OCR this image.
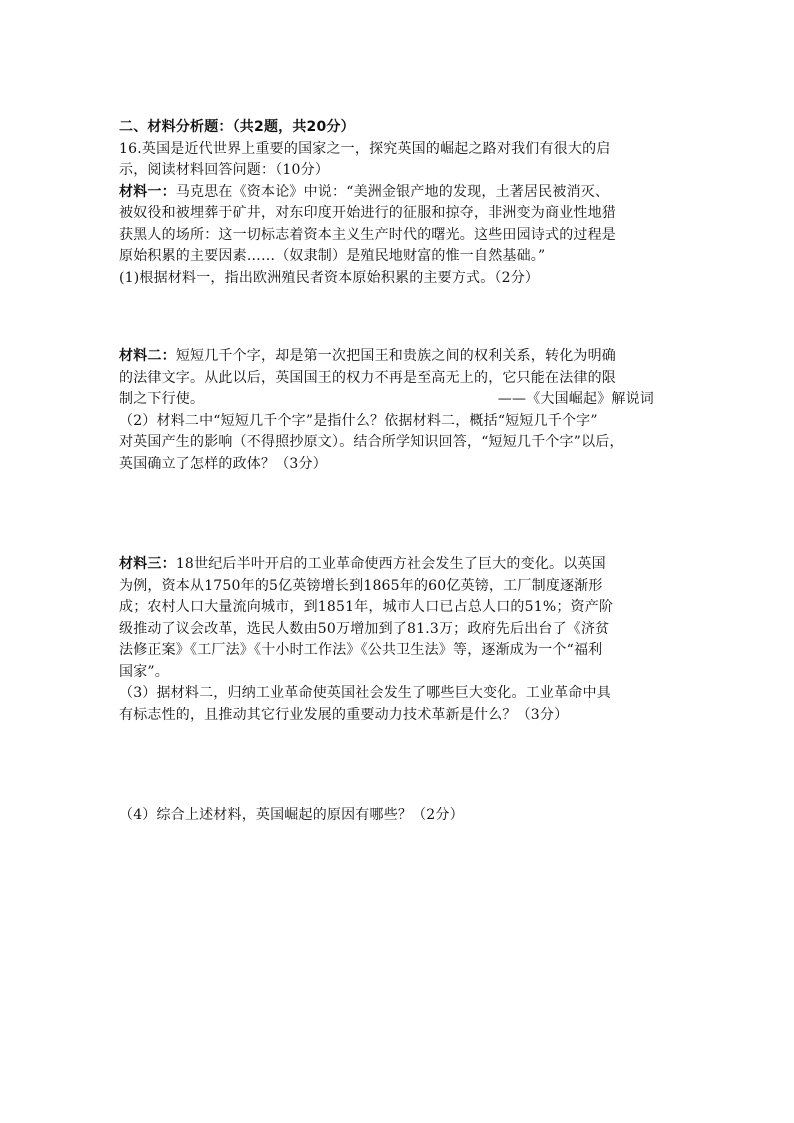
二、材料分析题：（共2题，共20分）
16.英国是近代世界上重要的国家之一，探究英国的崛起之路对我们有很大的启
示，阅读材料回答问题：（10分）
材料一：马克思在《资本论》中说：“美洲金银产地的发现，土著居民被消灭、
被奴役和被埋葬于矿井，对东印度开始进行的征服和掠夺，非洲变为商业性地猎
获黑人的场所：这一切标志着资本主义生产时代的曙光。这些田园诗式的过程是
原始积累的主要因素……（奴隶制）是殖民地财富的惟一自然基础。”
(1)根据材料一，指出欧洲殖民者资本原始积累的主要方式。（2分）
材料二：短短几千个字，却是第一次把国王和贵族之间的权利关系，转化为明确
的法律文字。从此以后，英国国王的权力不再是至高无上的，它只能在法律的限
制之下行使。	——《大国崛起》解说词
（2）材料二中“短短几千个字”是指什么？依据材料二，概括“短短几千个字”
对英国产生的影响（不得照抄原文）。结合所学知识回答，“短短几千个字”以后，
英国确立了怎样的政体？（3分）
材料三：18世纪后半叶开启的工业革命使西方社会发生了巨大的变化。以英国
为例，资本从1750年的5亿英镑增长到1865年的60亿英镑，工厂制度逐渐形
成；农村人口大量流向城市，到1851年，城市人口已占总人口的51%；资产阶
级推动了议会改革，选民人数由50万增加到了81.3万；政府先后出台了《济贫
法修正案》《工厂法》《十小时工作法》《公共卫生法》等，逐渐成为一个“福利
国家”。
（3）据材料二，归纳工业革命使英国社会发生了哪些巨大变化。工业革命中具
有标志性的，且推动其它行业发展的重要动力技术革新是什么？（3分）
（4）综合上述材料，英国崛起的原因有哪些？（2分）
